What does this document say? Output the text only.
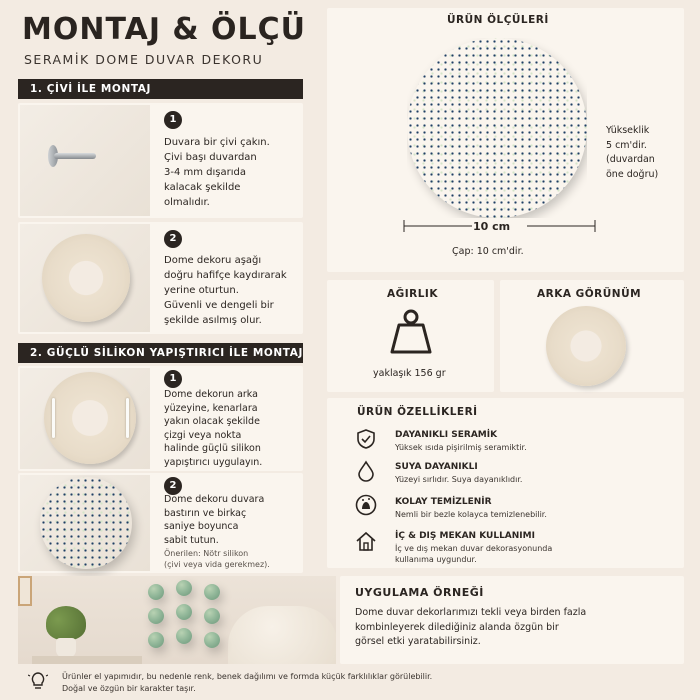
MONTAJ & ÖLÇÜ
SERAMİK DOME DUVAR DEKORU
1. ÇİVİ İLE MONTAJ
1
Duvara bir çivi çakın.
Çivi başı duvardan
3-4 mm dışarıda
kalacak şekilde
olmalıdır.
2
Dome dekoru aşağı
doğru hafifçe kaydırarak
yerine oturtun.
Güvenli ve dengeli bir
şekilde asılmış olur.
2. GÜÇLÜ SİLİKON YAPIŞTIRICI İLE MONTAJ
1
Dome dekorun arka
yüzeyine, kenarlara
yakın olacak şekilde
çizgi veya nokta
halinde güçlü silikon
yapıştırıcı uygulayın.
2
Dome dekoru duvara
bastırın ve birkaç
saniye boyunca
sabit tutun.
Önerilen: Nötr silikon
(çivi veya vida gerekmez).
ÜRÜN ÖLÇÜLERİ
Yükseklik
5 cm'dir.
(duvardan
öne doğru)
10 cm
Çap: 10 cm'dir.
AĞIRLIK
yaklaşık 156 gr
ARKA GÖRÜNÜM
ÜRÜN ÖZELLİKLERİ
DAYANIKLI SERAMİK
Yüksek ısıda pişirilmiş seramiktir.
SUYA DAYANIKLI
Yüzeyi sırlıdır. Suya dayanıklıdır.
KOLAY TEMİZLENİR
Nemli bir bezle kolayca temizlenebilir.
İÇ & DIŞ MEKAN KULLANIMI
İç ve dış mekan duvar dekorasyonunda
kullanıma uygundur.
UYGULAMA ÖRNEĞİ
Dome duvar dekorlarımızı tekli veya birden fazla
kombinleyerek dilediğiniz alanda özgün bir
görsel etki yaratabilirsiniz.
Ürünler el yapımıdır, bu nedenle renk, benek dağılımı ve formda küçük farklılıklar görülebilir.
Doğal ve özgün bir karakter taşır.
